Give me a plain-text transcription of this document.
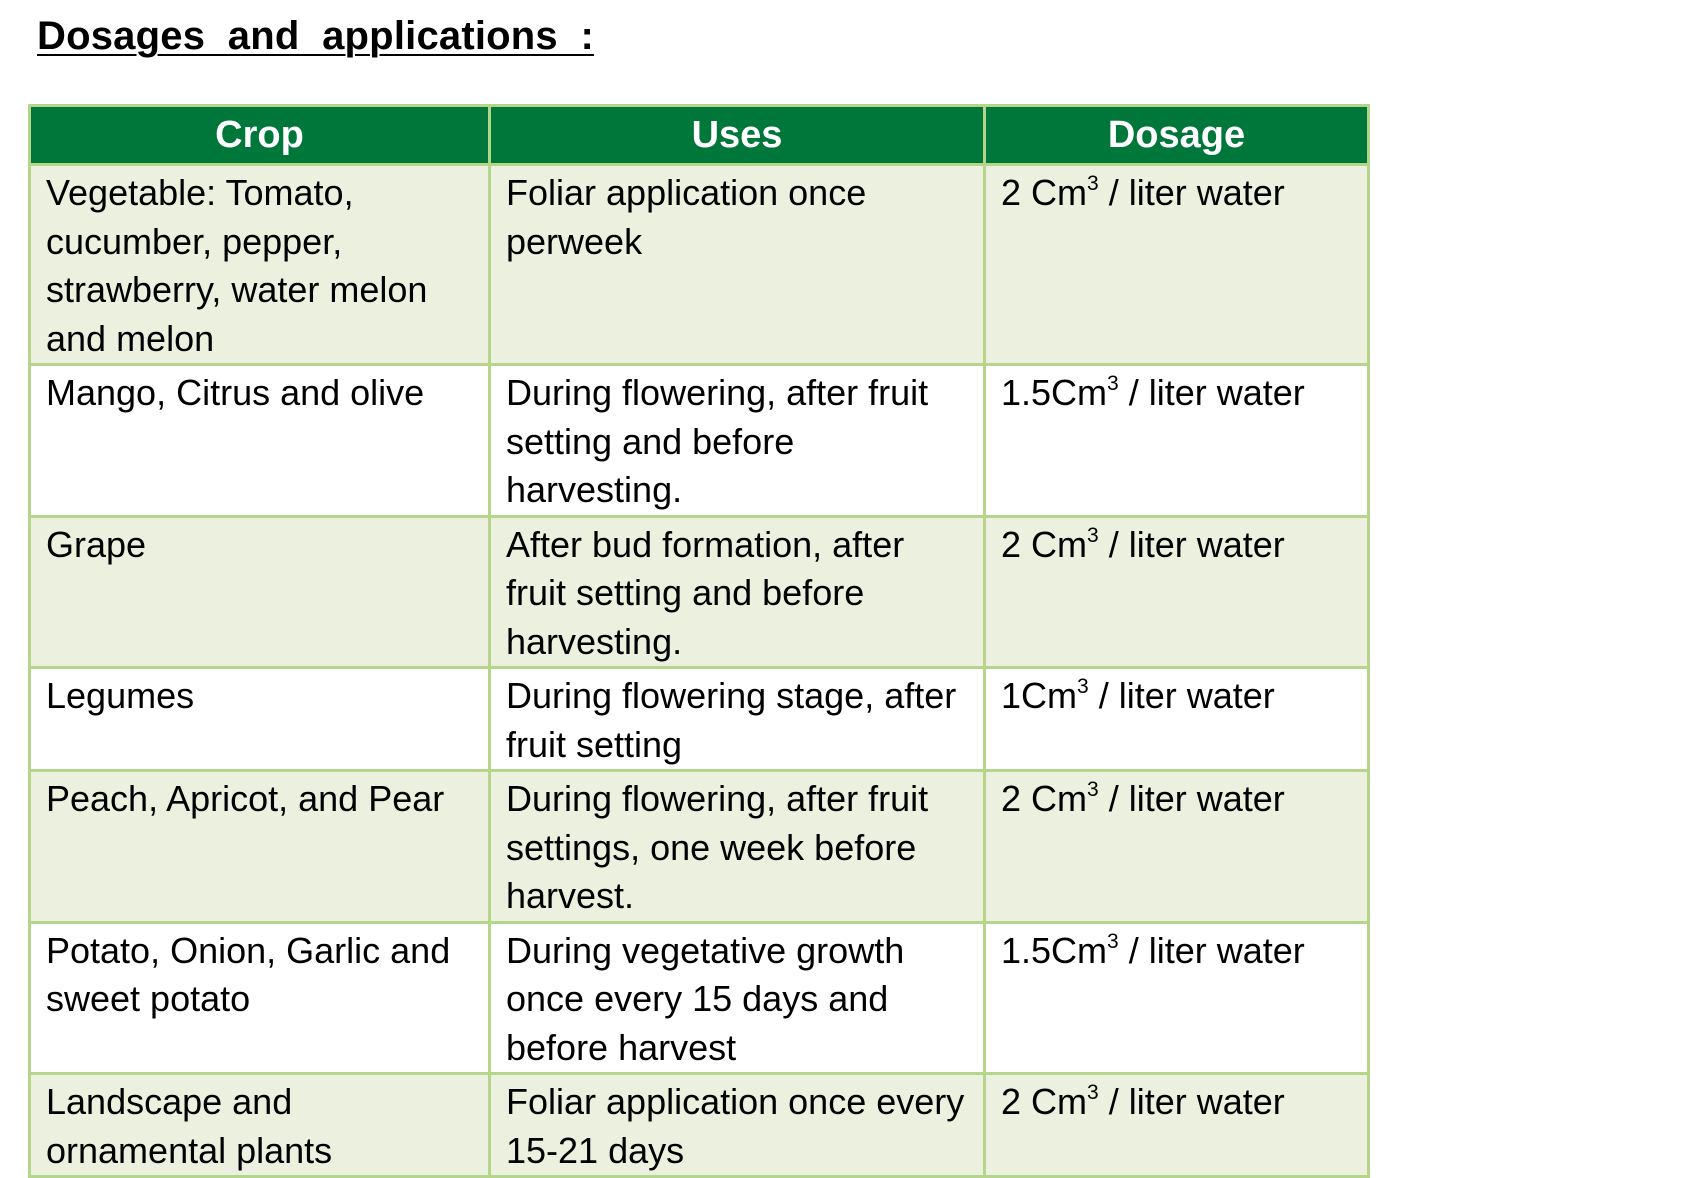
Dosages  and  applications  :
Crop	Uses	Dosage
Vegetable: Tomato, cucumber, pepper, strawberry, water melon and melon	Foliar application once perweek	2 Cm$^3$ / liter water
Mango, Citrus and olive	During flowering, after fruit setting and before harvesting.	1.5Cm$^3$ / liter water
Grape	After bud formation, after fruit setting and before harvesting.	2 Cm$^3$ / liter water
Legumes	During flowering stage, after fruit setting	1Cm$^3$ / liter water
Peach, Apricot, and Pear	During flowering, after fruit settings, one week before harvest.	2 Cm$^3$ / liter water
Potato, Onion, Garlic and sweet potato	During vegetative growth once every 15 days and before harvest	1.5Cm$^3$ / liter water
Landscape and ornamental plants	Foliar application once every 15-21 days	2 Cm$^3$ / liter water
